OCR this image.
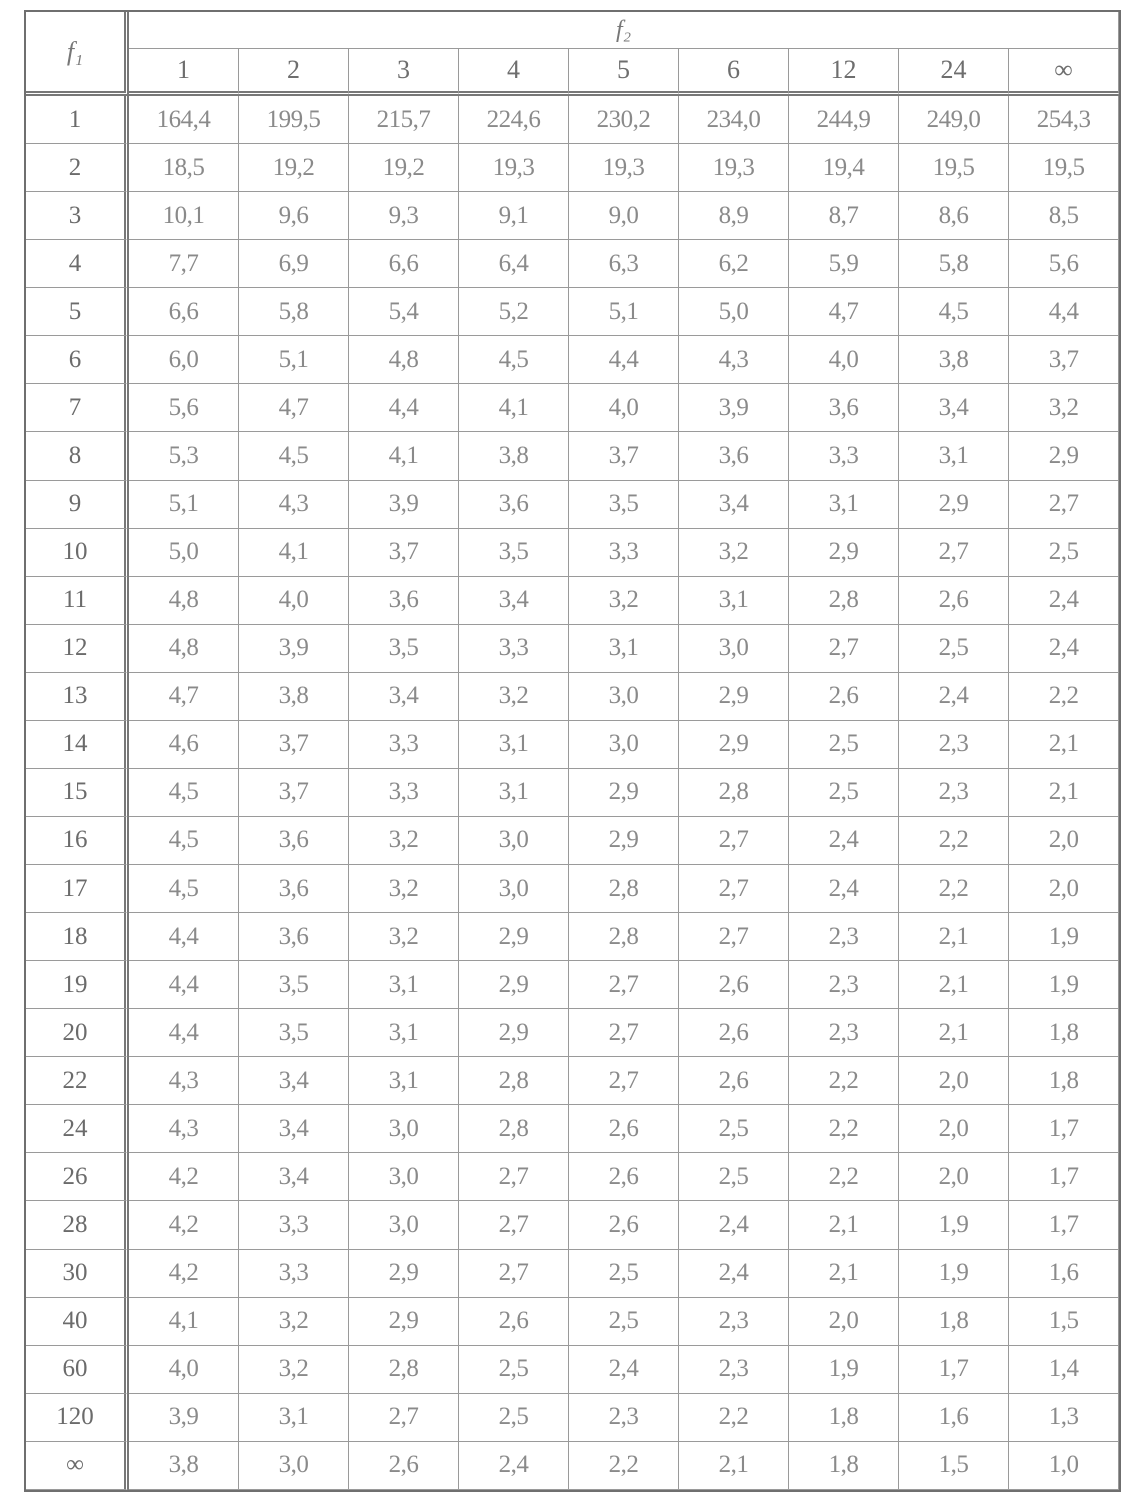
f₁	f₂								
	1	2	3	4	5	6	12	24	∞
1	164,4	199,5	215,7	224,6	230,2	234,0	244,9	249,0	254,3
2	18,5	19,2	19,2	19,3	19,3	19,3	19,4	19,5	19,5
3	10,1	9,6	9,3	9,1	9,0	8,9	8,7	8,6	8,5
4	7,7	6,9	6,6	6,4	6,3	6,2	5,9	5,8	5,6
5	6,6	5,8	5,4	5,2	5,1	5,0	4,7	4,5	4,4
6	6,0	5,1	4,8	4,5	4,4	4,3	4,0	3,8	3,7
7	5,6	4,7	4,4	4,1	4,0	3,9	3,6	3,4	3,2
8	5,3	4,5	4,1	3,8	3,7	3,6	3,3	3,1	2,9
9	5,1	4,3	3,9	3,6	3,5	3,4	3,1	2,9	2,7
10	5,0	4,1	3,7	3,5	3,3	3,2	2,9	2,7	2,5
11	4,8	4,0	3,6	3,4	3,2	3,1	2,8	2,6	2,4
12	4,8	3,9	3,5	3,3	3,1	3,0	2,7	2,5	2,4
13	4,7	3,8	3,4	3,2	3,0	2,9	2,6	2,4	2,2
14	4,6	3,7	3,3	3,1	3,0	2,9	2,5	2,3	2,1
15	4,5	3,7	3,3	3,1	2,9	2,8	2,5	2,3	2,1
16	4,5	3,6	3,2	3,0	2,9	2,7	2,4	2,2	2,0
17	4,5	3,6	3,2	3,0	2,8	2,7	2,4	2,2	2,0
18	4,4	3,6	3,2	2,9	2,8	2,7	2,3	2,1	1,9
19	4,4	3,5	3,1	2,9	2,7	2,6	2,3	2,1	1,9
20	4,4	3,5	3,1	2,9	2,7	2,6	2,3	2,1	1,8
22	4,3	3,4	3,1	2,8	2,7	2,6	2,2	2,0	1,8
24	4,3	3,4	3,0	2,8	2,6	2,5	2,2	2,0	1,7
26	4,2	3,4	3,0	2,7	2,6	2,5	2,2	2,0	1,7
28	4,2	3,3	3,0	2,7	2,6	2,4	2,1	1,9	1,7
30	4,2	3,3	2,9	2,7	2,5	2,4	2,1	1,9	1,6
40	4,1	3,2	2,9	2,6	2,5	2,3	2,0	1,8	1,5
60	4,0	3,2	2,8	2,5	2,4	2,3	1,9	1,7	1,4
120	3,9	3,1	2,7	2,5	2,3	2,2	1,8	1,6	1,3
∞	3,8	3,0	2,6	2,4	2,2	2,1	1,8	1,5	1,0
